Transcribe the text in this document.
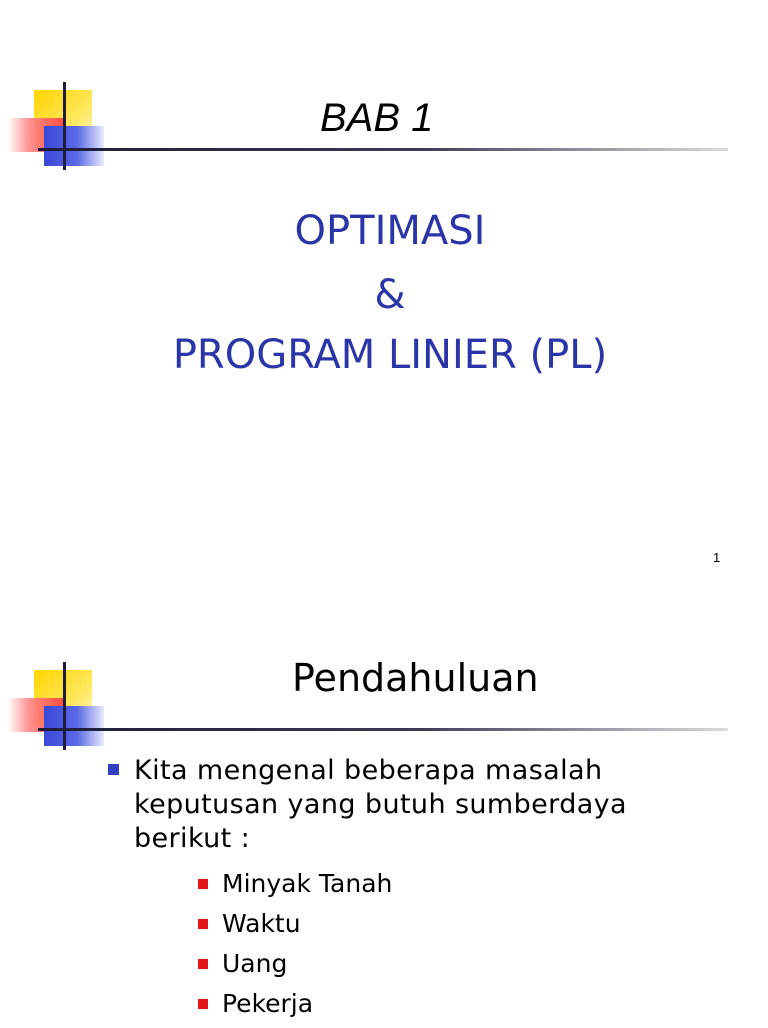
BAB 1
OPTIMASI
&
PROGRAM LINIER (PL)
1
Pendahuluan
Kita mengenal beberapa masalah keputusan yang butuh sumberdaya berikut :
Minyak Tanah
Waktu
Uang
Pekerja
